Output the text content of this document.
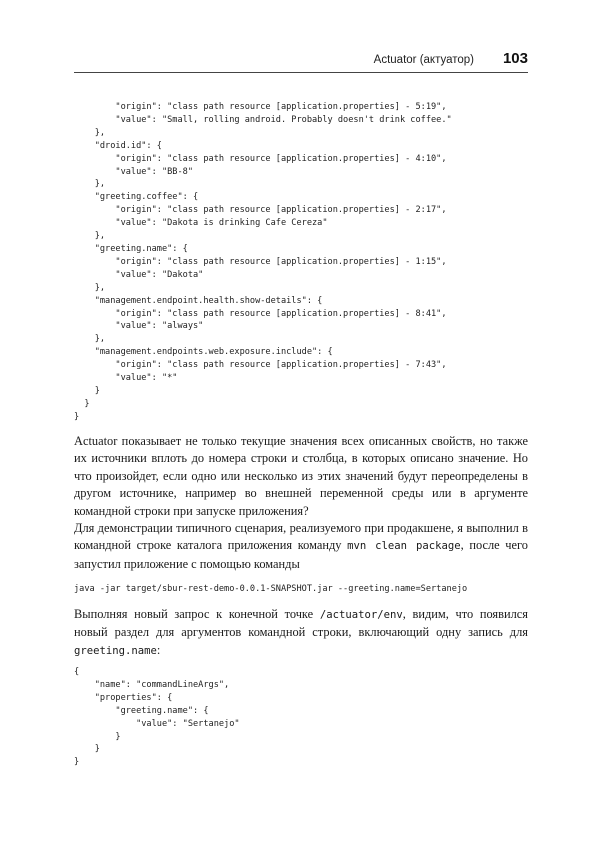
Actuator (актуатор) 103
"origin": "class path resource [application.properties] - 5:19",
"value": "Small, rolling android. Probably doesn't drink coffee."
},
"droid.id": {
"origin": "class path resource [application.properties] - 4:10",
"value": "BB-8"
},
"greeting.coffee": {
"origin": "class path resource [application.properties] - 2:17",
"value": "Dakota is drinking Cafe Cereza"
},
"greeting.name": {
"origin": "class path resource [application.properties] - 1:15",
"value": "Dakota"
},
"management.endpoint.health.show-details": {
"origin": "class path resource [application.properties] - 8:41",
"value": "always"
},
"management.endpoints.web.exposure.include": {
"origin": "class path resource [application.properties] - 7:43",
"value": "*"
}
}
}

Actuator показывает не только текущие значения всех описанных свойств, но также их источники вплоть до номера строки и столбца, в которых описано значение. Но что произойдет, если одно или несколько из этих значений будут переопределены в другом источнике, например во внешней переменной среды или в аргументе командной строки при запуске приложения?

Для демонстрации типичного сценария, реализуемого при продакшене, я выполнил в командной строке каталога приложения команду mvn clean package, после чего запустил приложение с помощью команды

java -jar target/sbur-rest-demo-0.0.1-SNAPSHOT.jar --greeting.name=Sertanejo

Выполняя новый запрос к конечной точке /actuator/env, видим, что появился новый раздел для аргументов командной строки, включающий одну запись для greeting.name:

{
"name": "commandLineArgs",
"properties": {
"greeting.name": {
"value": "Sertanejo"
}
}
}
